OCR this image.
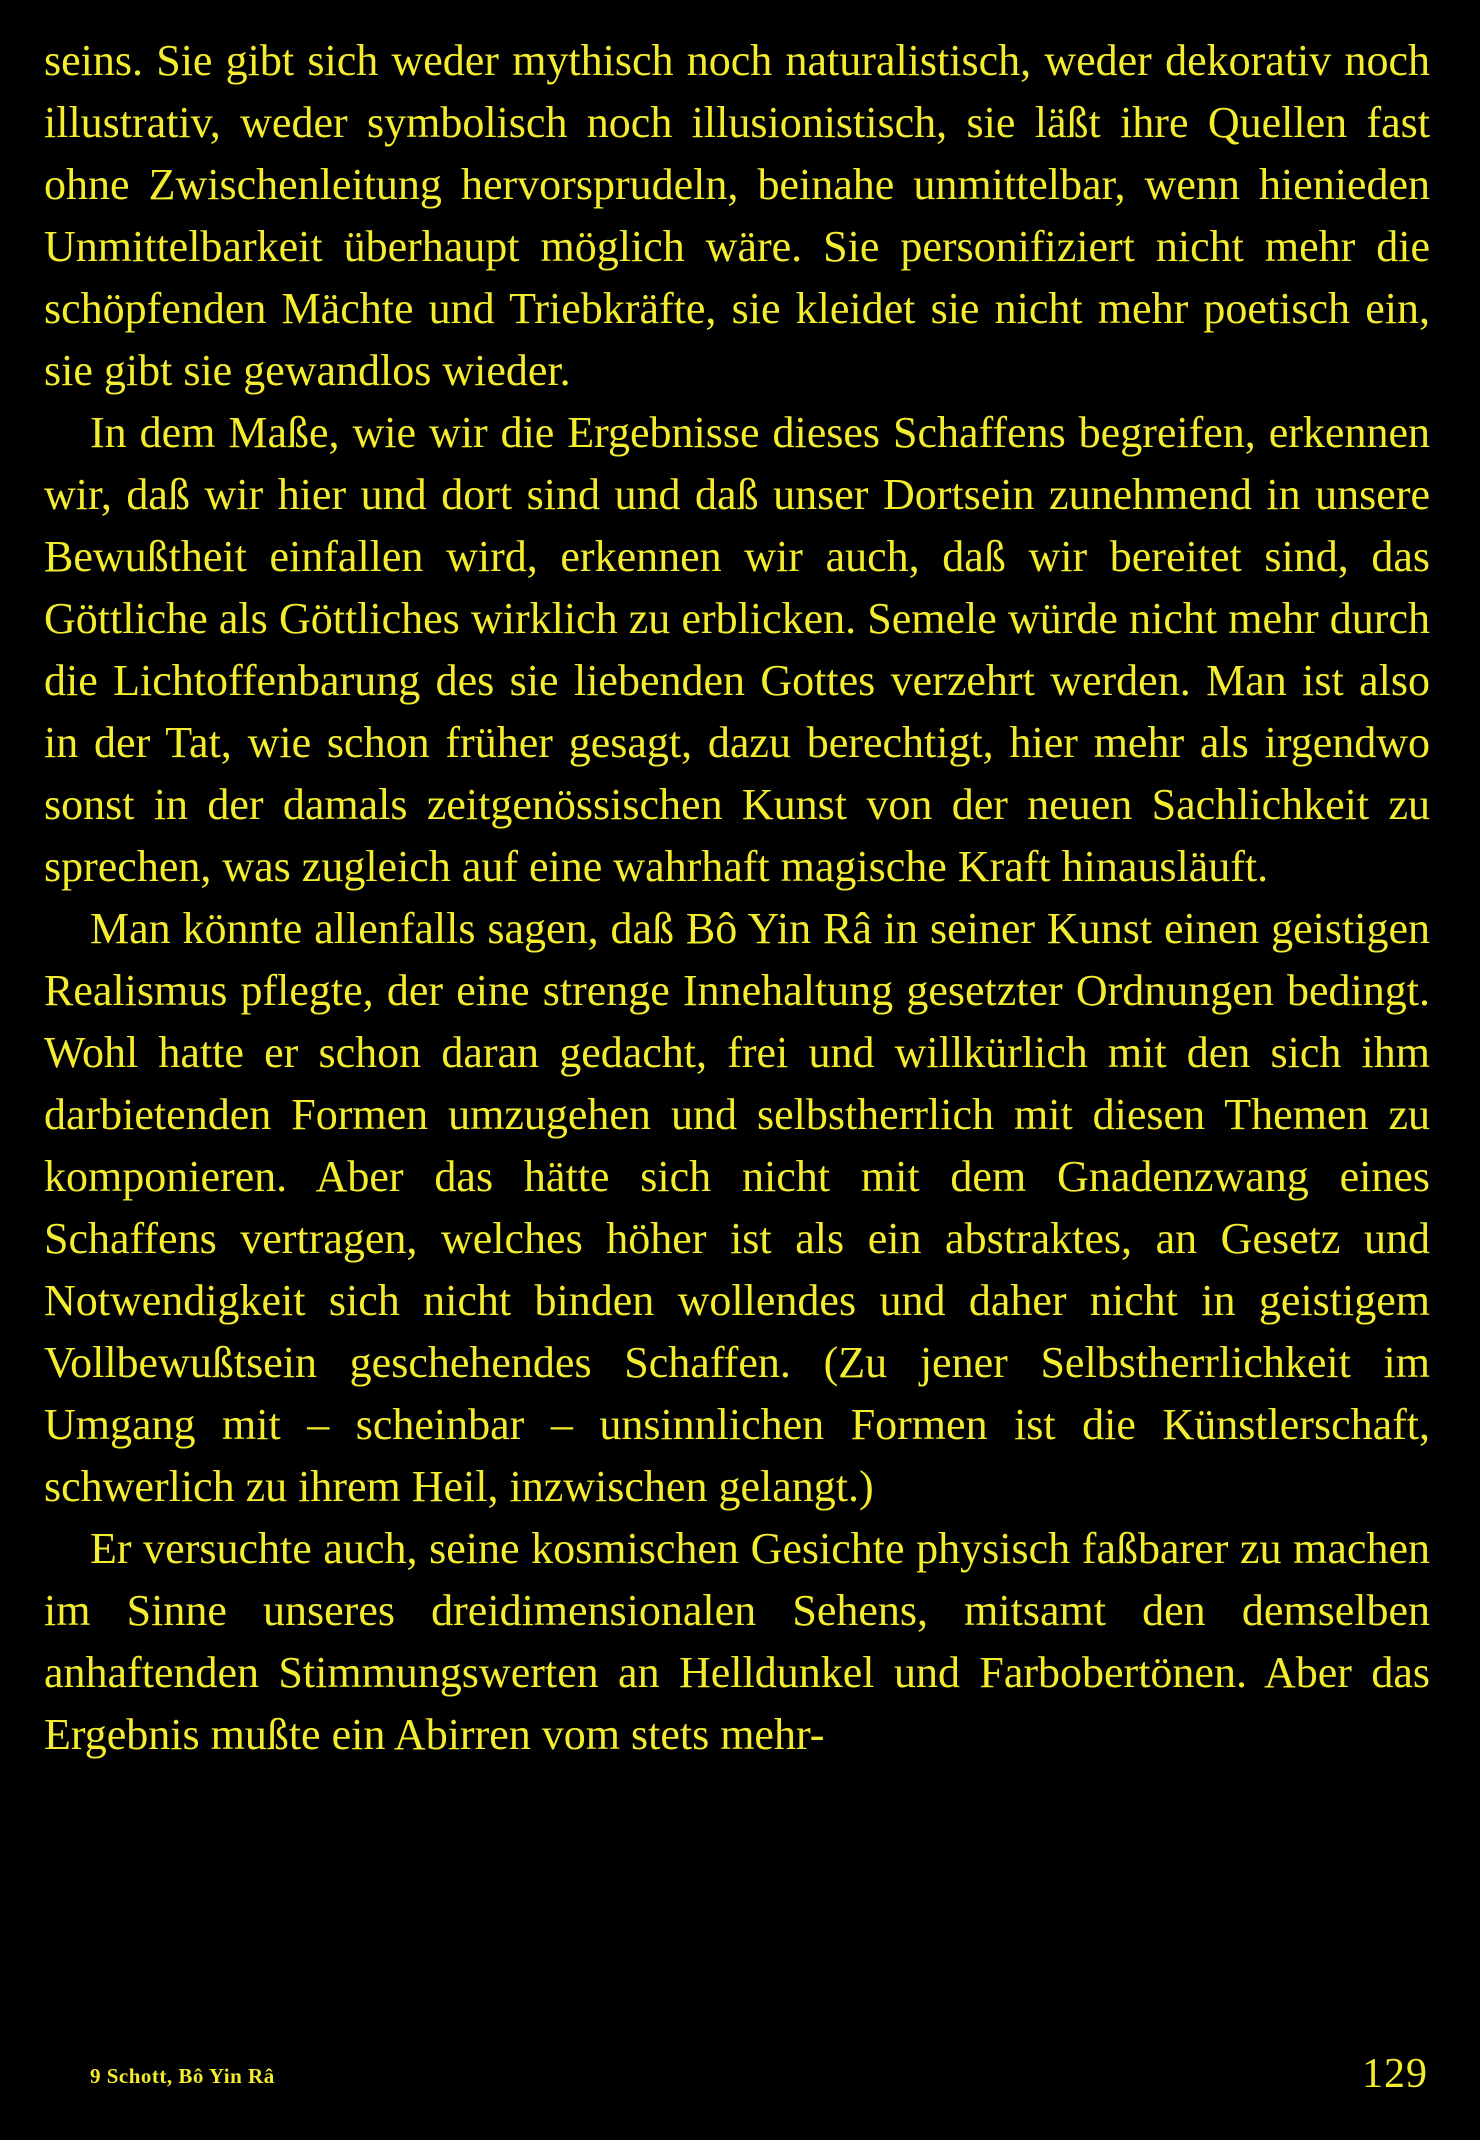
seins. Sie gibt sich weder mythisch noch naturalistisch, weder dekorativ noch illustrativ, weder symbolisch noch illusionistisch, sie läßt ihre Quellen fast ohne Zwischenleitung hervorsprudeln, beinahe unmittelbar, wenn hienieden Unmittelbarkeit überhaupt möglich wäre. Sie personifiziert nicht mehr die schöpfenden Mächte und Triebkräfte, sie kleidet sie nicht mehr poetisch ein, sie gibt sie gewandlos wieder.

In dem Maße, wie wir die Ergebnisse dieses Schaffens begreifen, erkennen wir, daß wir hier und dort sind und daß unser Dortsein zunehmend in unsere Bewußtheit einfallen wird, erkennen wir auch, daß wir bereitet sind, das Göttliche als Göttliches wirklich zu erblicken. Semele würde nicht mehr durch die Lichtoffenbarung des sie liebenden Gottes verzehrt werden. Man ist also in der Tat, wie schon früher gesagt, dazu berechtigt, hier mehr als irgendwo sonst in der damals zeitgenössischen Kunst von der neuen Sachlichkeit zu sprechen, was zugleich auf eine wahrhaft magische Kraft hinausläuft.

Man könnte allenfalls sagen, daß Bô Yin Râ in seiner Kunst einen geistigen Realismus pflegte, der eine strenge Innehaltung gesetzter Ordnungen bedingt. Wohl hatte er schon daran gedacht, frei und willkürlich mit den sich ihm darbietenden Formen umzugehen und selbstherrlich mit diesen Themen zu komponieren. Aber das hätte sich nicht mit dem Gnadenzwang eines Schaffens vertragen, welches höher ist als ein abstraktes, an Gesetz und Notwendigkeit sich nicht binden wollendes und daher nicht in geistigem Vollbewußtsein geschehendes Schaffen. (Zu jener Selbstherrlichkeit im Umgang mit – scheinbar – unsinnlichen Formen ist die Künstlerschaft, schwerlich zu ihrem Heil, inzwischen gelangt.)

Er versuchte auch, seine kosmischen Gesichte physisch faßbarer zu machen im Sinne unseres dreidimensionalen Sehens, mitsamt den demselben anhaftenden Stimmungswerten an Helldunkel und Farbobertönen. Aber das Ergebnis mußte ein Abirren vom stets mehr-

9 Schott, Bô Yin Râ	129
